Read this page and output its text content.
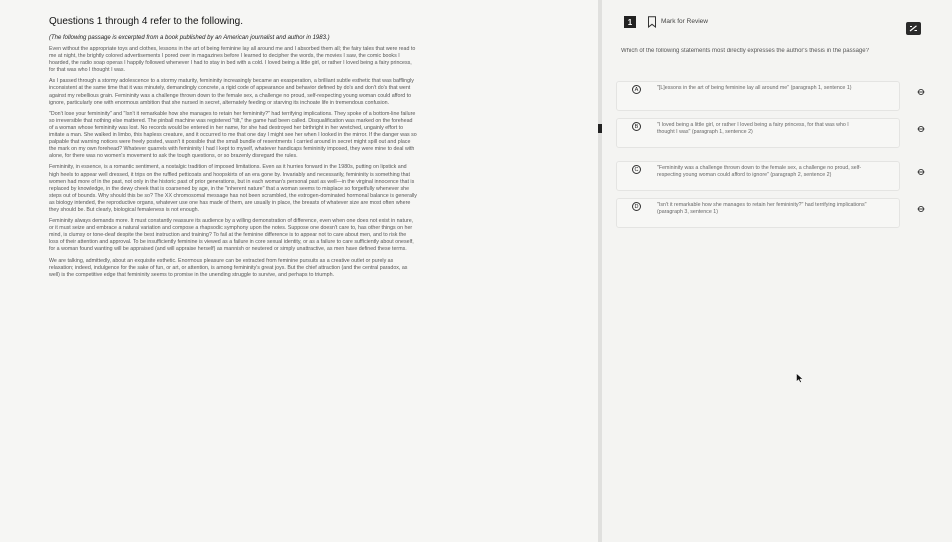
Questions 1 through 4 refer to the following.
(The following passage is excerpted from a book published by an American journalist and author in 1983.)

Even without the appropriate toys and clothes, lessons in the art of being feminine lay all around me and I absorbed them all; the fairy tales that were read to me at night, the brightly colored advertisements I pored over in magazines before I learned to decipher the words, the movies I saw, the comic books I hoarded, the radio soap operas I happily followed whenever I had to stay in bed with a cold. I loved being a little girl, or rather I loved being a fairy princess, for that was who I thought I was.

As I passed through a stormy adolescence to a stormy maturity, femininity increasingly became an exasperation, a brilliant subtle esthetic that was bafflingly inconsistent at the same time that it was minutely, demandingly concrete, a rigid code of appearance and behavior defined by do's and don't do's that went against my rebellious grain. Femininity was a challenge thrown down to the female sex, a challenge no proud, self-respecting young woman could afford to ignore, particularly one with enormous ambition that she nursed in secret, alternately feeding or starving its inchoate life in tremendous confusion.

"Don't lose your femininity" and "Isn't it remarkable how she manages to retain her femininity?" had terrifying implications. They spoke of a bottom-line failure so irreversible that nothing else mattered. The pinball machine was registered "tilt," the game had been called. Disqualification was marked on the forehead of a woman whose femininity was lost. No records would be entered in her name, for she had destroyed her birthright in her wretched, ungainly effort to imitate a man. She walked in limbo, this hapless creature, and it occurred to me that one day I might see her when I looked in the mirror. If the danger was so palpable that warning notices were freely posted, wasn't it possible that the small bundle of resentments I carried around in secret might spill out and place the mark on my own forehead? Whatever quarrels with femininity I had I kept to myself, whatever handicaps femininity imposed, they were mine to deal with alone, for there was no women's movement to ask the tough questions, or so brazenly disregard the rules.

Femininity, in essence, is a romantic sentiment, a nostalgic tradition of imposed limitations. Even as it hurries forward in the 1980s, putting on lipstick and high heels to appear well dressed, it trips on the ruffled petticoats and hoopskirts of an era gone by. Invariably and necessarily, femininity is something that women had more of in the past, not only in the historic past of prior generations, but in each woman's personal past as well—in the virginal innocence that is replaced by knowledge, in the dewy cheek that is coarsened by age, in the "inherent nature" that a woman seems to misplace so forgetfully whenever she steps out of bounds. Why should this be so? The XX chromosomal message has not been scrambled, the estrogen-dominated hormonal balance is generally as biology intended, the reproductive organs, whatever use one has made of them, are usually in place, the breasts of whatever size are most often where they should be. But clearly, biological femaleness is not enough.

Femininity always demands more. It must constantly reassure its audience by a willing demonstration of difference, even when one does not exist in nature, or it must seize and embrace a natural variation and compose a rhapsodic symphony upon the notes. Suppose one doesn't care to, has other things on her mind, is clumsy or tone-deaf despite the best instruction and training? To fail at the feminine difference is to appear not to care about men, and to risk the loss of their attention and approval. To be insufficiently feminine is viewed as a failure in core sexual identity, or as a failure to care sufficiently about oneself, for a woman found wanting will be appraised (and will appraise herself) as mannish or neutered or simply unattractive, as men have defined these terms.

We are talking, admittedly, about an exquisite esthetic. Enormous pleasure can be extracted from feminine pursuits as a creative outlet or purely as relaxation; indeed, indulgence for the sake of fun, or art, or attention, is among femininity's great joys. But the chief attraction (and the central paradox, as well) is the competitive edge that femininity seems to promise in the unending struggle to survive, and perhaps to triumph.

1	Mark for Review
Which of the following statements most directly expresses the author's thesis in the passage?
A	"[L]essons in the art of being feminine lay all around me" (paragraph 1, sentence 1)
B	"I loved being a little girl, or rather I loved being a fairy princess, for that was who I thought I was" (paragraph 1, sentence 2)
C	"Femininity was a challenge thrown down to the female sex, a challenge no proud, self-respecting young woman could afford to ignore" (paragraph 2, sentence 2)
D	"Isn't it remarkable how she manages to retain her femininity?" had terrifying implications" (paragraph 3, sentence 1)
